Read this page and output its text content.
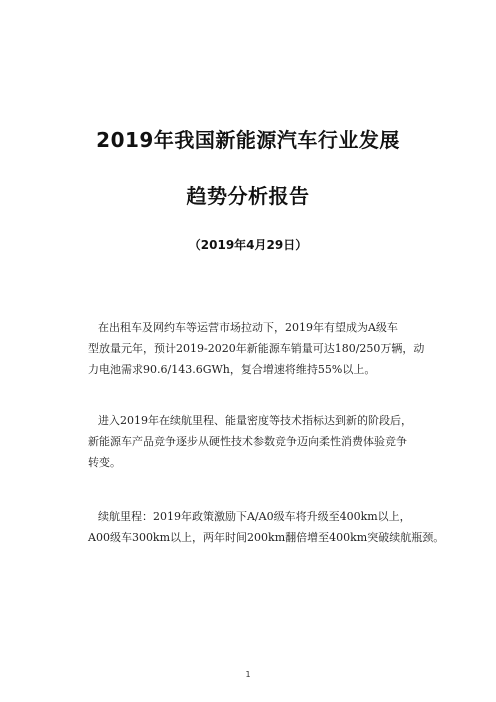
2019年我国新能源汽车行业发展
趋势分析报告
（2019年4月29日）
在出租车及网约车等运营市场拉动下，2019年有望成为A级车
型放量元年，预计2019-2020年新能源车销量可达180/250万辆，动
力电池需求90.6/143.6GWh，复合增速将维持55%以上。
进入2019年在续航里程、能量密度等技术指标达到新的阶段后，
新能源车产品竞争逐步从硬性技术参数竞争迈向柔性消费体验竞争
转变。
续航里程：2019年政策激励下A/A0级车将升级至400km以上，
A00级车300km以上，两年时间200km翻倍增至400km突破续航瓶颈。
1
